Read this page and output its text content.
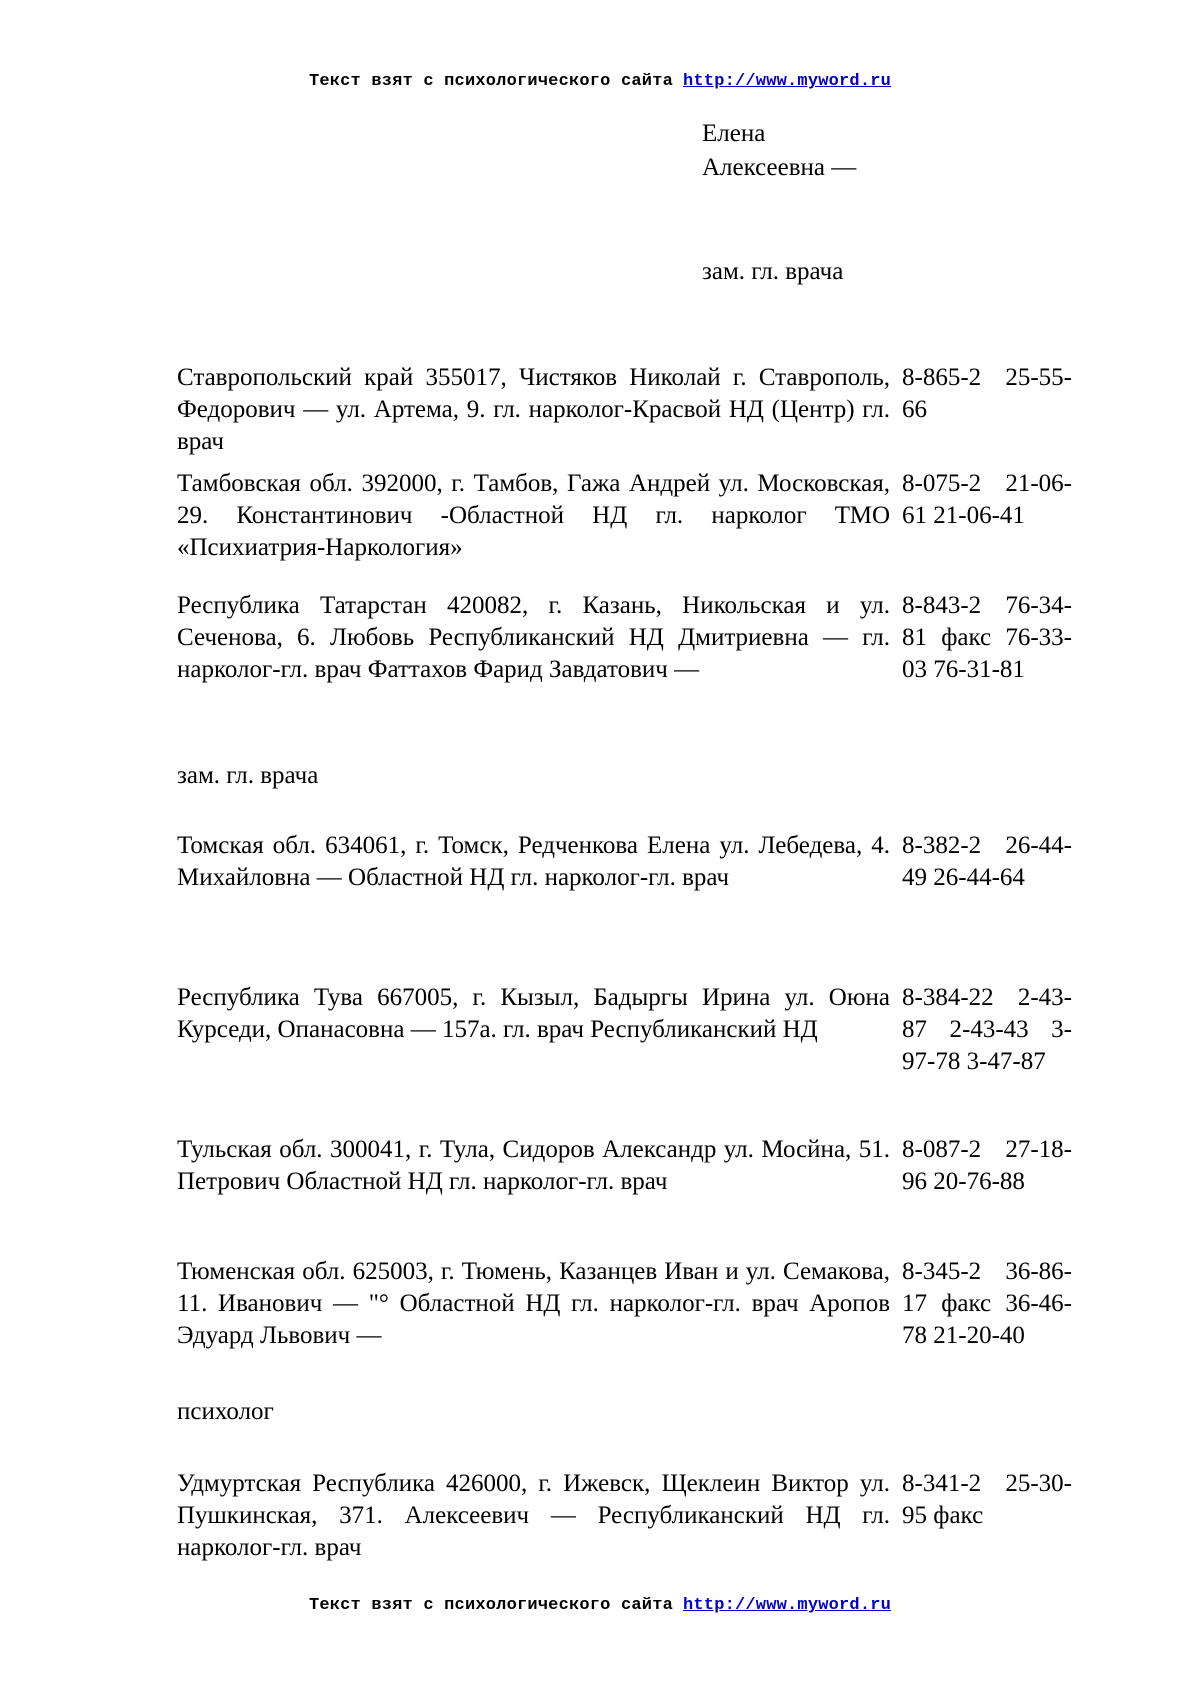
Текст взят с психологического сайта http://www.myword.ru
Елена
Алексеевна —
зам. гл. врача
Ставропольский край 355017, Чистяков Николай г. Ставрополь, Федорович — ул. Артема, 9. гл. нарколог-Красвой НД (Центр) гл. врач
8-865-2 25-55-66
Тамбовская обл. 392000, г. Тамбов, Гажа Андрей ул. Московская, 29. Константинович -Областной НД гл. нарколог ТМО «Психиатрия-Наркология»
8-075-2 21-06-61 21-06-41
Республика Татарстан 420082, г. Казань, Никольская и ул. Сеченова, 6. Любовь Республиканский НД Дмитриевна — гл. нарколог-гл. врач Фаттахов Фарид Завдатович —
8-843-2 76-34-81 факс 76-33-03 76-31-81
зам. гл. врача
Томская обл. 634061, г. Томск, Редченкова Елена ул. Лебедева, 4. Михайловна — Областной НД гл. нарколог-гл. врач
8-382-2 26-44-49 26-44-64
Республика Тува 667005, г. Кызыл, Бадыргы Ирина ул. Оюна Курседи, Опанасовна — 157а. гл. врач Республиканский НД
8-384-22 2-43-87 2-43-43 3-97-78 3-47-87
Тульская обл. 300041, г. Тула, Сидоров Александр ул. Мосйна, 51. Петрович Областной НД гл. нарколог-гл. врач
8-087-2 27-18-96 20-76-88
Тюменская обл. 625003, г. Тюмень, Казанцев Иван и ул. Семакова, 11. Иванович — "° Областной НД гл. нарколог-гл. врач Аропов Эдуард Львович —
8-345-2 36-86-17 факс 36-46-78 21-20-40
психолог
Удмуртская Республика 426000, г. Ижевск, Щеклеин Виктор ул. Пушкинская, 371. Алексеевич — Республиканский НД гл. нарколог-гл. врач
8-341-2 25-30-95 факс
Текст взят с психологического сайта http://www.myword.ru
